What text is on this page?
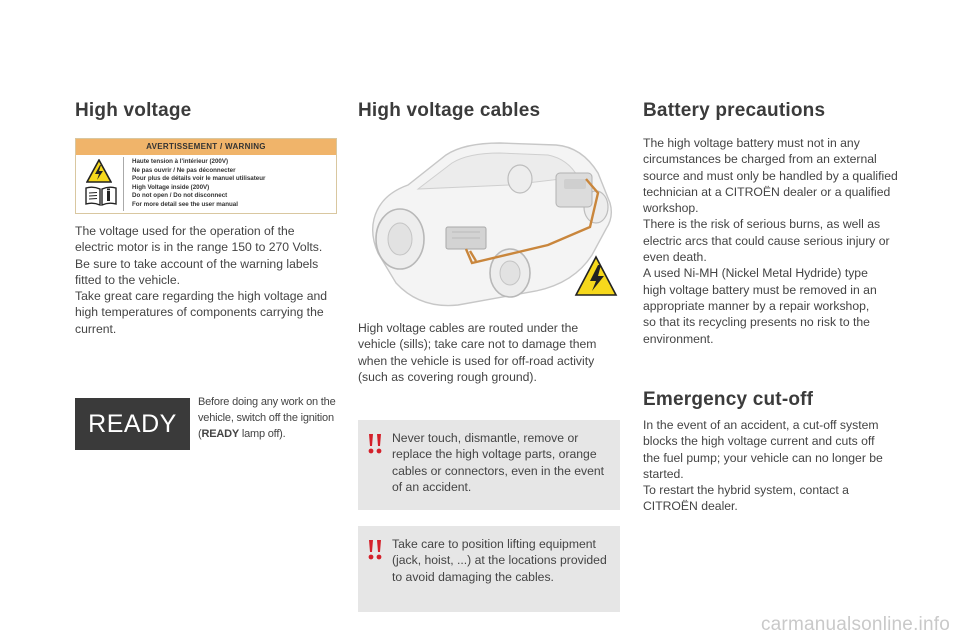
High voltage
AVERTISSEMENT / WARNING
Haute tension à l'intérieur (200V)
Ne pas ouvrir / Ne pas déconnecter
Pour plus de détails voir le manuel utilisateur
High Voltage inside (200V)
Do not open / Do not disconnect
For more detail see the user manual

The voltage used for the operation of the
electric motor is in the range 150 to 270 Volts.
Be sure to take account of the warning labels
fitted to the vehicle.
Take great care regarding the high voltage and
high temperatures of components carrying the
current.

READY
Before doing any work on the vehicle, switch off the ignition (READY lamp off).
High voltage cables

High voltage cables are routed under the
vehicle (sills); take care not to damage them
when the vehicle is used for off-road activity
(such as covering rough ground).

Never touch, dismantle, remove or replace the high voltage parts, orange cables or connectors, even in the event of an accident.

Take care to position lifting equipment (jack, hoist, ...) at the locations provided to avoid damaging the cables.

Battery precautions

The high voltage battery must not in any
circumstances be charged from an external
source and must only be handled by a qualified
technician at a CITROËN dealer or a qualified
workshop.
There is the risk of serious burns, as well as
electric arcs that could cause serious injury or
even death.
A used Ni-MH (Nickel Metal Hydride) type
high voltage battery must be removed in an
appropriate manner by a repair workshop,
so that its recycling presents no risk to the
environment.

Emergency cut-off

In the event of an accident, a cut-off system
blocks the high voltage current and cuts off
the fuel pump; your vehicle can no longer be
started.
To restart the hybrid system, contact a
CITROËN dealer.

carmanualsonline.info
